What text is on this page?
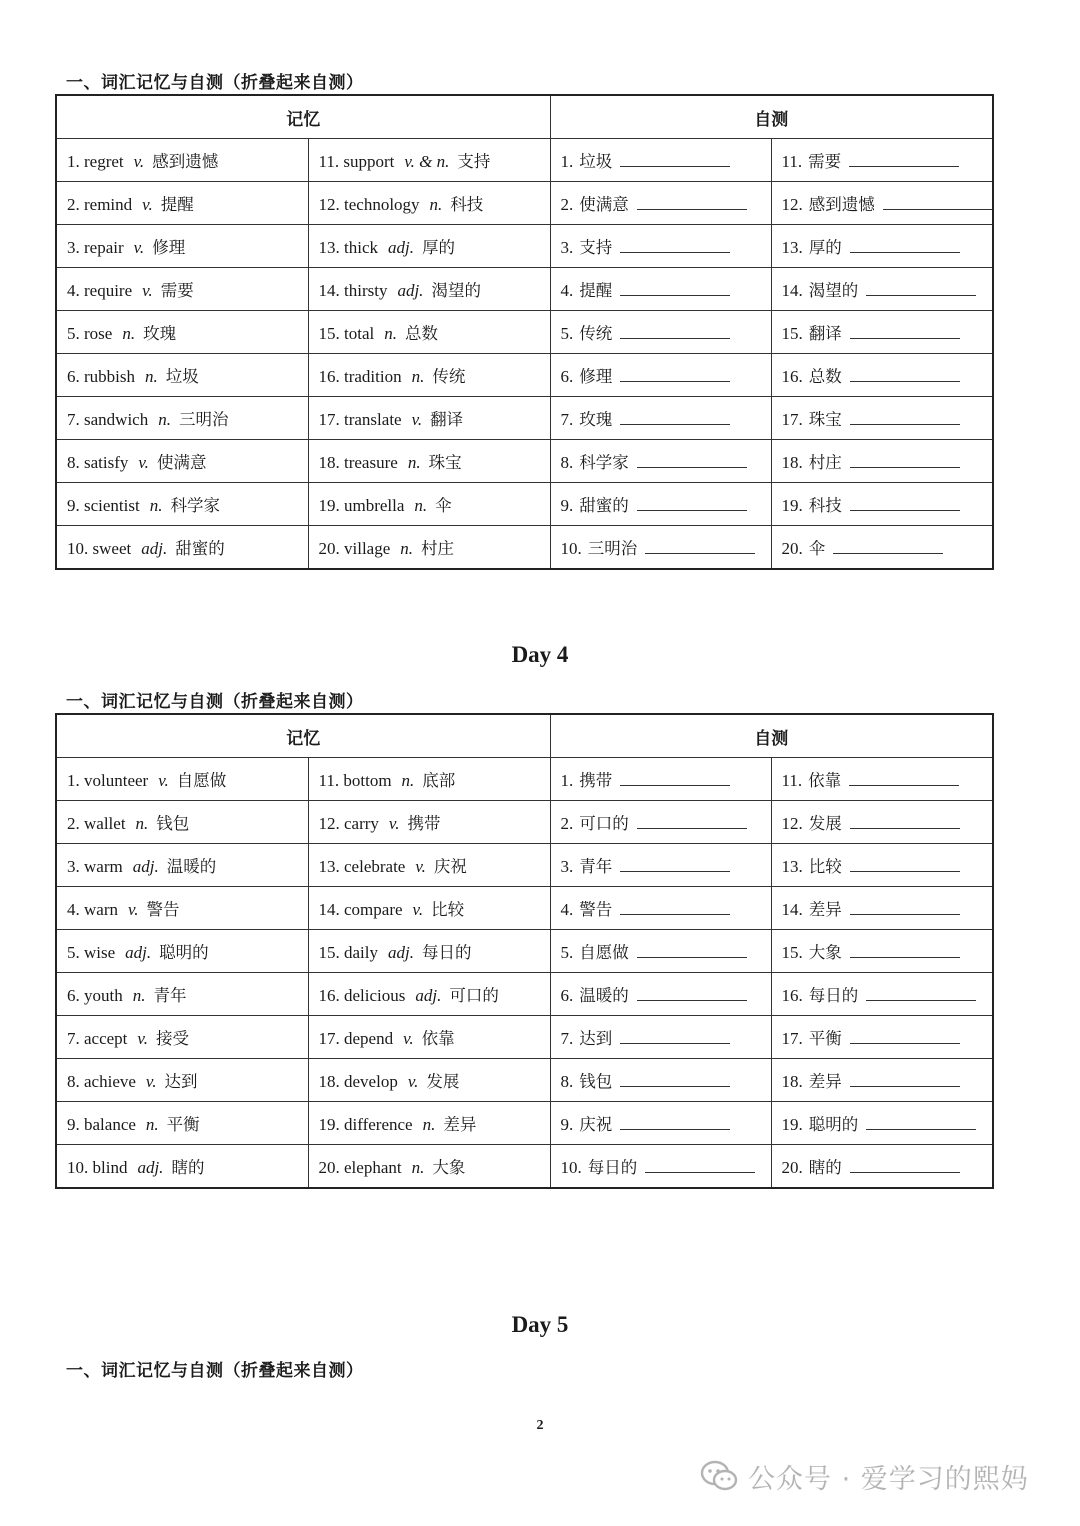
一、词汇记忆与自测（折叠起来自测）
记忆		自测	
1. regret v. 感到遗憾	11. support v. & n. 支持	1. 垃圾	11. 需要
2. remind v. 提醒	12. technology n. 科技	2. 使满意	12. 感到遗憾
3. repair v. 修理	13. thick adj. 厚的	3. 支持	13. 厚的
4. require v. 需要	14. thirsty adj. 渴望的	4. 提醒	14. 渴望的
5. rose n. 玫瑰	15. total n. 总数	5. 传统	15. 翻译
6. rubbish n. 垃圾	16. tradition n. 传统	6. 修理	16. 总数
7. sandwich n. 三明治	17. translate v. 翻译	7. 玫瑰	17. 珠宝
8. satisfy v. 使满意	18. treasure n. 珠宝	8. 科学家	18. 村庄
9. scientist n. 科学家	19. umbrella n. 伞	9. 甜蜜的	19. 科技
10. sweet adj. 甜蜜的	20. village n. 村庄	10. 三明治	20. 伞
Day 4
一、词汇记忆与自测（折叠起来自测）
记忆		自测	
1. volunteer v. 自愿做	11. bottom n. 底部	1. 携带	11. 依靠
2. wallet n. 钱包	12. carry v. 携带	2. 可口的	12. 发展
3. warm adj. 温暖的	13. celebrate v. 庆祝	3. 青年	13. 比较
4. warn v. 警告	14. compare v. 比较	4. 警告	14. 差异
5. wise adj. 聪明的	15. daily adj. 每日的	5. 自愿做	15. 大象
6. youth n. 青年	16. delicious adj. 可口的	6. 温暖的	16. 每日的
7. accept v. 接受	17. depend v. 依靠	7. 达到	17. 平衡
8. achieve v. 达到	18. develop v. 发展	8. 钱包	18. 差异
9. balance n. 平衡	19. difference n. 差异	9. 庆祝	19. 聪明的
10. blind adj. 瞎的	20. elephant n. 大象	10. 每日的	20. 瞎的
Day 5
一、词汇记忆与自测（折叠起来自测）
2
公众号 · 爱学习的熙妈
